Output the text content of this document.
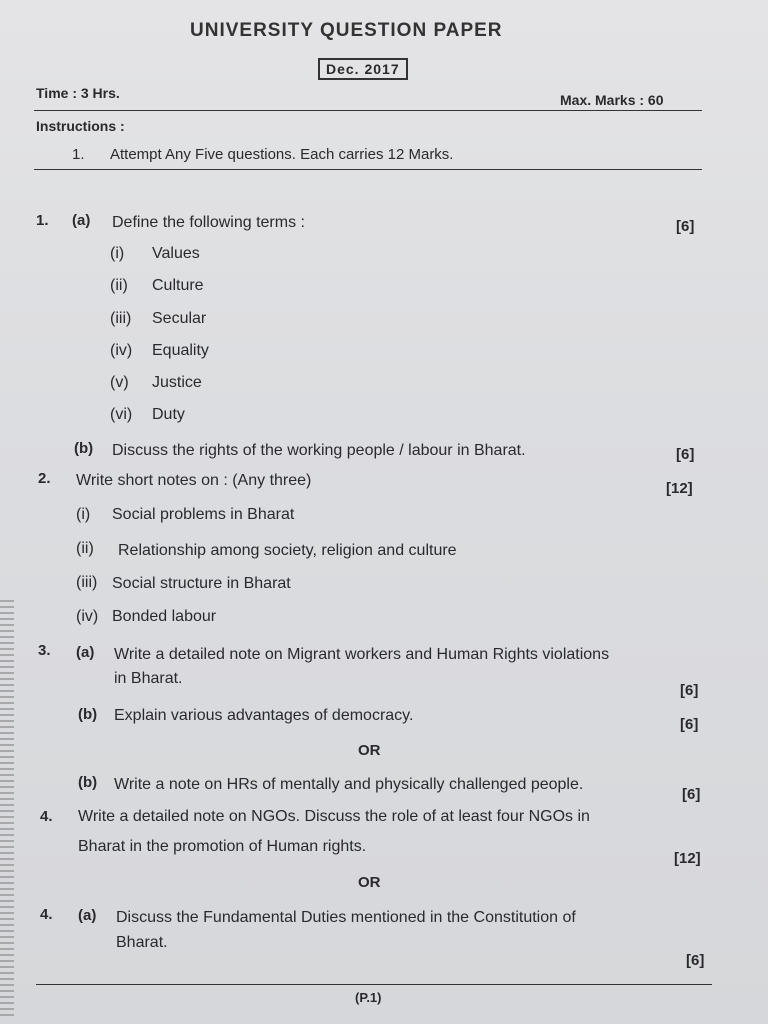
UNIVERSITY QUESTION PAPER
Dec. 2017
Time : 3 Hrs.	Max. Marks : 60
Instructions :
1. Attempt Any Five questions. Each carries 12 Marks.
1. (a) Define the following terms :	[6]
(i) Values
(ii) Culture
(iii) Secular
(iv) Equality
(v) Justice
(vi) Duty
(b) Discuss the rights of the working people / labour in Bharat.	[6]
2. Write short notes on : (Any three)	[12]
(i) Social problems in Bharat
(ii) Relationship among society, religion and culture
(iii) Social structure in Bharat
(iv) Bonded labour
3. (a) Write a detailed note on Migrant workers and Human Rights violations
in Bharat.
[6]
(b) Explain various advantages of democracy.
[6]
OR
(b) Write a note on HRs of mentally and physically challenged people.
[6]
4. Write a detailed note on NGOs. Discuss the role of at least four NGOs in
Bharat in the promotion of Human rights.
[12]
OR
4. (a) Discuss the Fundamental Duties mentioned in the Constitution of
Bharat.
[6]
(P.1)
